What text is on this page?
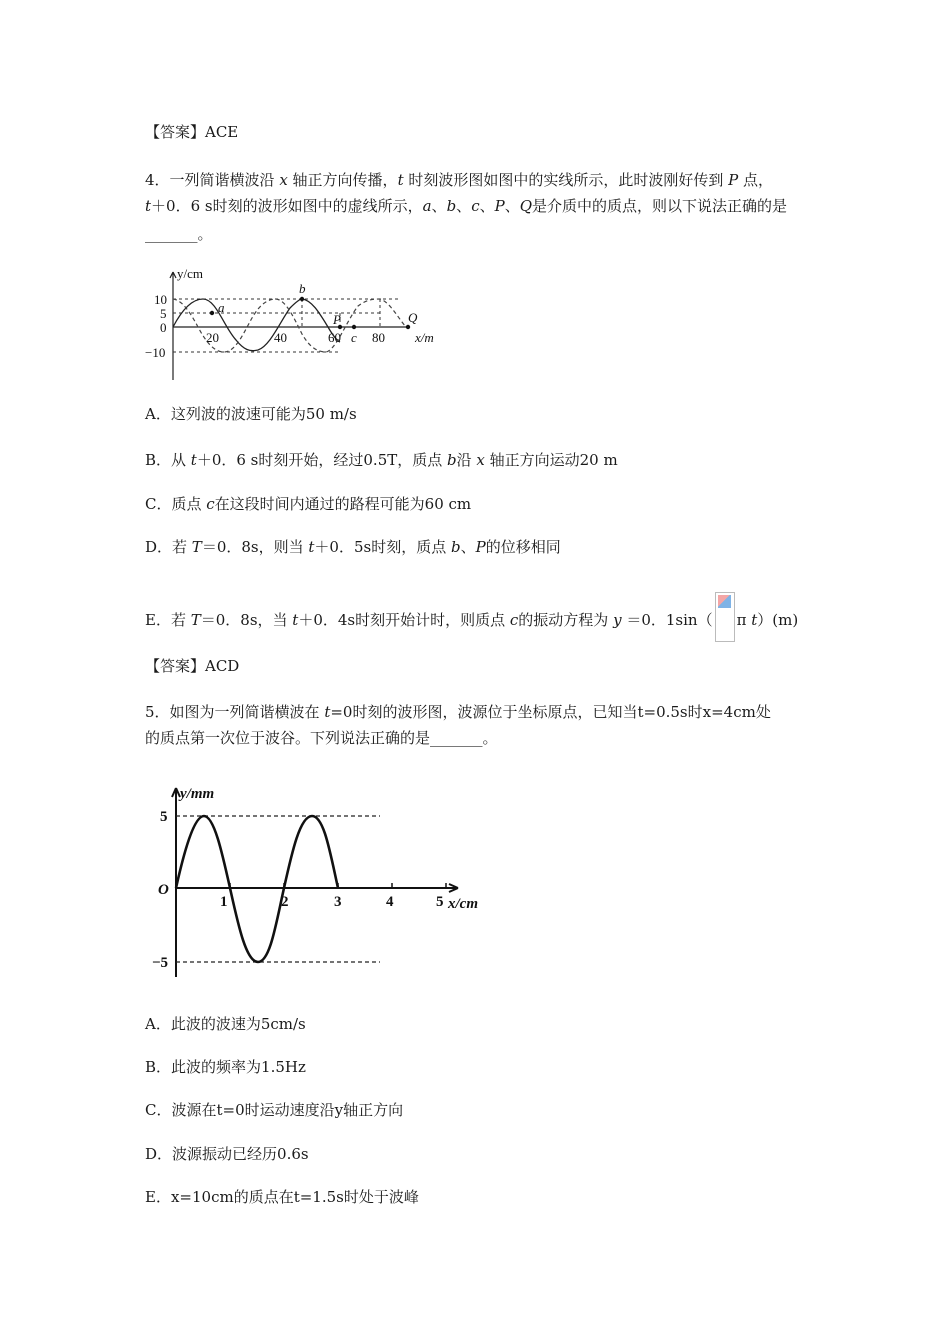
【答案】ACE
4．一列简谐横波沿 x 轴正方向传播，t 时刻波形图如图中的实线所示，此时波刚好传到 P 点，
t＋0．6 s时刻的波形如图中的虚线所示，a、b、c、P、Q是介质中的质点，则以下说法正确的是
_______。
y/cm
10
5
0
−10
20	40	60 80 x/m
a
b
P
c
Q
A．这列波的波速可能为50 m/s
B．从 t＋0．6 s时刻开始，经过0.5T，质点 b沿 x 轴正方向运动20 m
C．质点 c在这段时间内通过的路程可能为60 cm
D．若 T＝0．8s，则当 t＋0．5s时刻，质点 b、P的位移相同
E．若 T＝0．8s，当 t＋0．4s时刻开始计时，则质点 c的振动方程为 y ＝0．1sin（ π t）(m)
【答案】ACD
5．如图为一列简谐横波在 t=0时刻的波形图，波源位于坐标原点，已知当t=0.5s时x=4cm处
的质点第一次位于波谷。下列说法正确的是_______。
y/mm
5
O
−5
1	2	3	4	5 x/cm
A．此波的波速为5cm/s
B．此波的频率为1.5Hz
C．波源在t=0时运动速度沿y轴正方向
D．波源振动已经历0.6s
E．x=10cm的质点在t=1.5s时处于波峰
